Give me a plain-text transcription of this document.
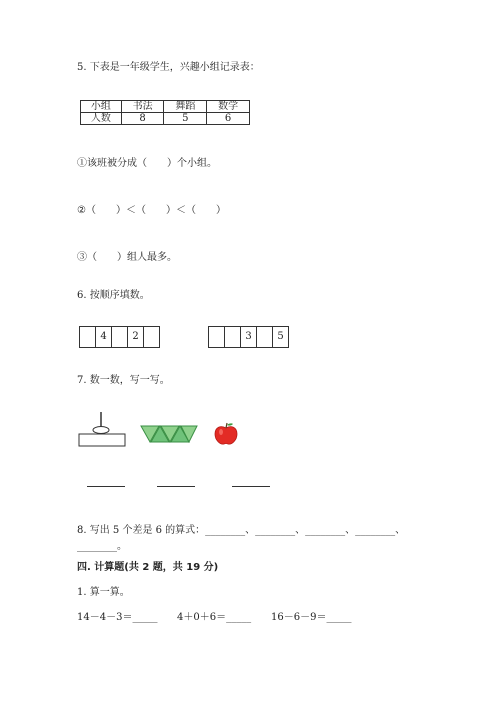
5. 下表是一年级学生，兴趣小组记录表：
小组	书法	舞蹈	数学
人数	8	5	6
①该班被分成（　　）个小组。
②（　　）＜（　　）＜（　　）
③（　　）组人最多。
6. 按顺序填数。
4	2	3	5
7. 数一数，写一写。
8. 写出 5 个差是 6 的算式：________、________、________、________、
________。
四. 计算题(共 2 题，共 19 分)
1. 算一算。
14－4－3＝_____ 4＋0＋6＝_____ 16－6－9＝_____
